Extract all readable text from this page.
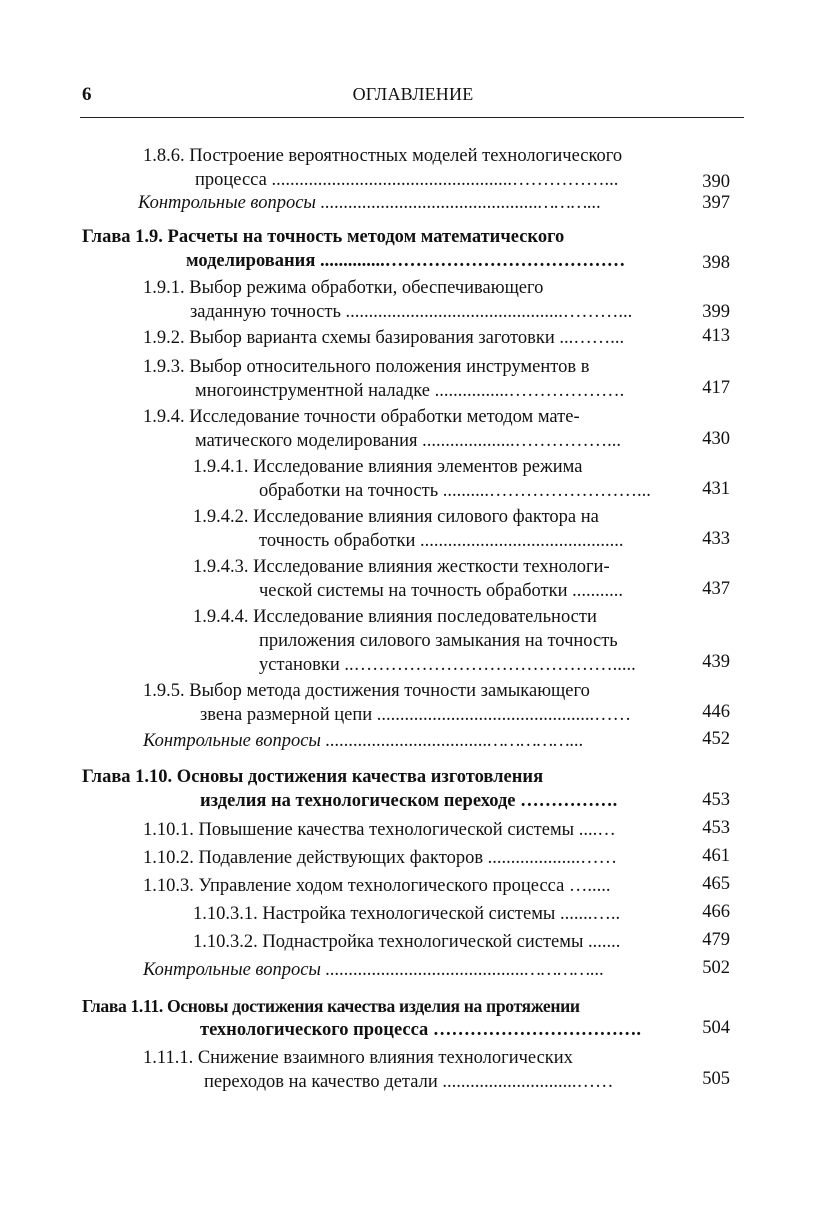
6	ОГЛАВЛЕНИЕ
1.8.6. Построение вероятностных моделей технологического
процесса ....................................................……………...	390
Контрольные вопросы ...............................................………...	397
Глава 1.9. Расчеты на точность методом математического
моделирования ..............…………………………………	398
1.9.1. Выбор режима обработки, обеспечивающего
заданную точность ...............................................………...	399
1.9.2. Выбор варианта схемы базирования заготовки ...……...	413
1.9.3. Выбор относительного положения инструментов в
многоинструментной наладке ................……………….	417
1.9.4. Исследование точности обработки методом мате-
матического моделирования ....................……………...	430
1.9.4.1. Исследование влияния элементов режима
обработки на точность ..........……………………...	431
1.9.4.2. Исследование влияния силового фактора на
точность обработки ............................................	433
1.9.4.3. Исследование влияния жесткости технологи-
ческой системы на точность обработки ...........	437
1.9.4.4. Исследование влияния последовательности
приложения силового замыкания на точность
установки ..…………………………………….....	439
1.9.5. Выбор метода достижения точности замыкающего
звена размерной цепи ...............................................……	446
Контрольные вопросы ...................................……………...	452
Глава 1.10. Основы достижения качества изготовления
изделия на технологическом переходе …………….	453
1.10.1. Повышение качества технологической системы ....…	453
1.10.2. Подавление действующих факторов ....................……	461
1.10.3. Управление ходом технологического процесса ….....	465
1.10.3.1. Настройка технологической системы .......…..	466
1.10.3.2. Поднастройка технологической системы .......	479
Контрольные вопросы ...........................................…………...	502
Глава 1.11. Основы достижения качества изделия на протяжении
технологического процесса …………………………….	504
1.11.1. Снижение взаимного влияния технологических
переходов на качество детали .............................……	505
